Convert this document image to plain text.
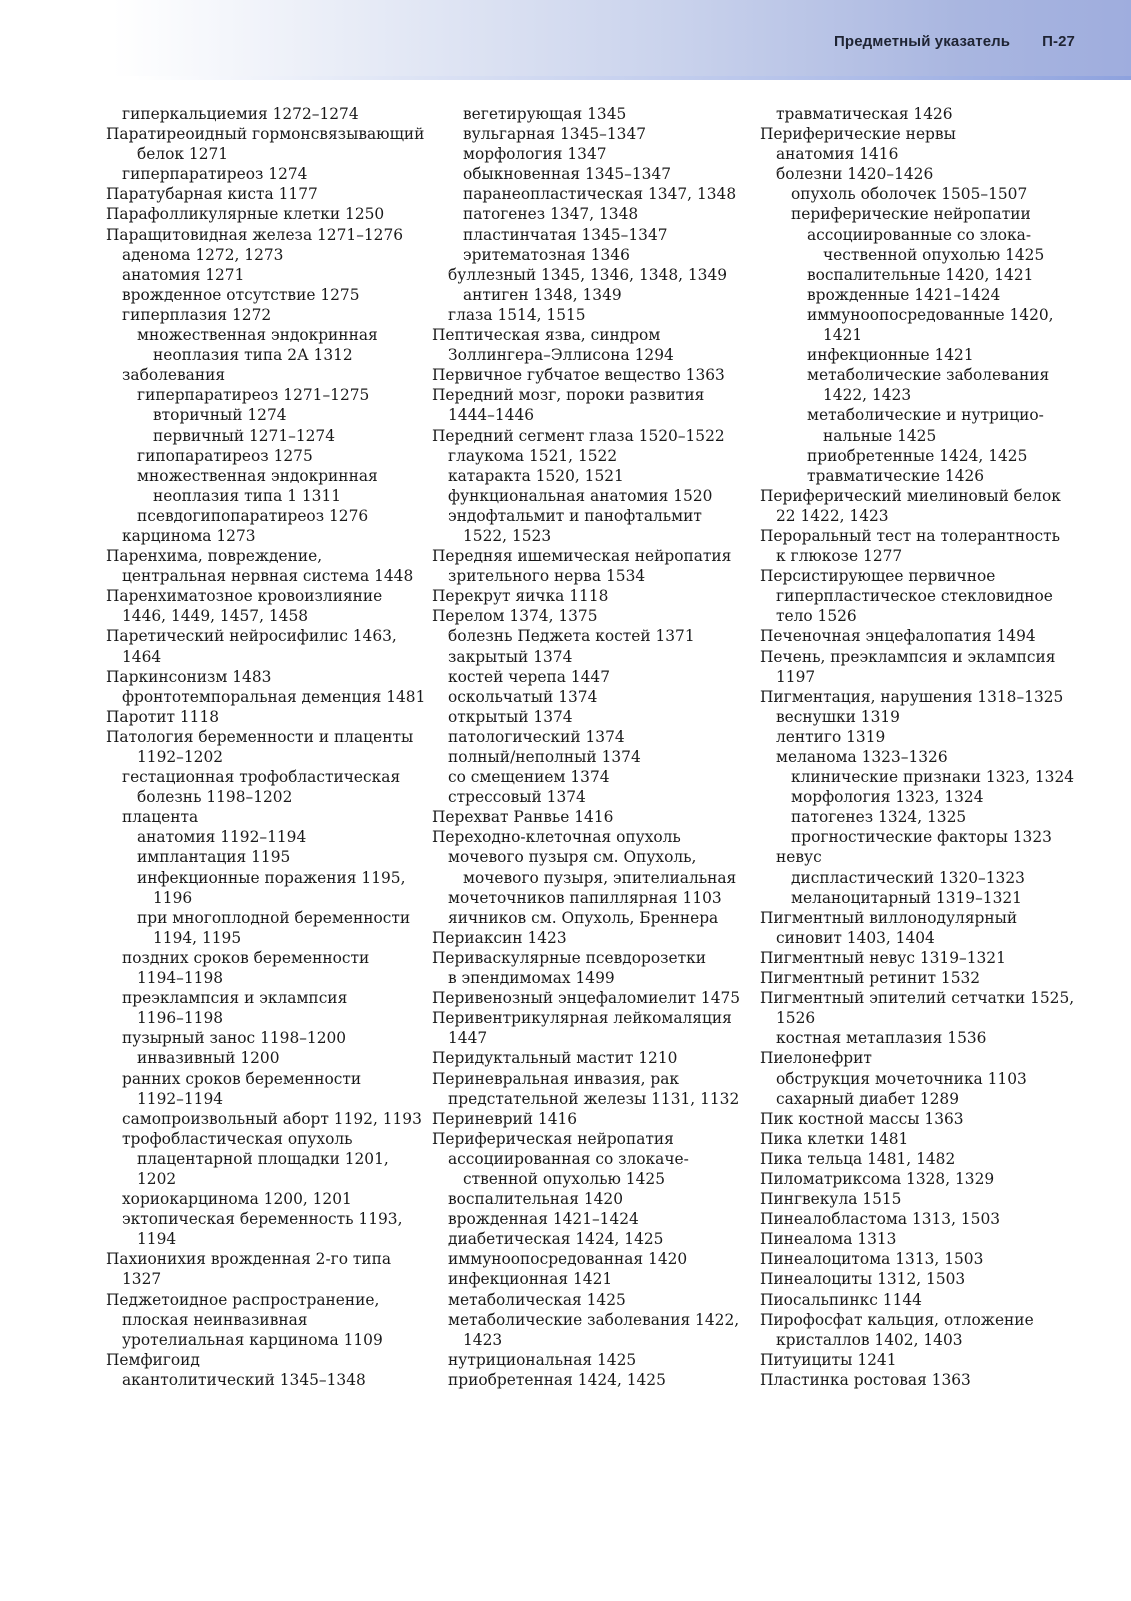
Предметный указатель П-27
гиперкальциемия 1272–1274
Паратиреоидный гормонсвязывающий
белок 1271
гиперпаратиреоз 1274
Паратубарная киста 1177
Парафолликулярные клетки 1250
Паращитовидная железа 1271–1276
аденома 1272, 1273
анатомия 1271
врожденное отсутствие 1275
гиперплазия 1272
множественная эндокринная
неоплазия типа 2А 1312
заболевания
гиперпаратиреоз 1271–1275
вторичный 1274
первичный 1271–1274
гипопаратиреоз 1275
множественная эндокринная
неоплазия типа 1 1311
псевдогипопаратиреоз 1276
карцинома 1273
Паренхима, повреждение,
центральная нервная система 1448
Паренхиматозное кровоизлияние
1446, 1449, 1457, 1458
Паретический нейросифилис 1463,
1464
Паркинсонизм 1483
фронтотемпоральная деменция 1481
Паротит 1118
Патология беременности и плаценты
1192–1202
гестационная трофобластическая
болезнь 1198–1202
плацента
анатомия 1192–1194
имплантация 1195
инфекционные поражения 1195,
1196
при многоплодной беременности
1194, 1195
поздних сроков беременности
1194–1198
преэклампсия и эклампсия
1196–1198
пузырный занос 1198–1200
инвазивный 1200
ранних сроков беременности
1192–1194
самопроизвольный аборт 1192, 1193
трофобластическая опухоль
плацентарной площадки 1201,
1202
хориокарцинома 1200, 1201
эктопическая беременность 1193,
1194
Пахионихия врожденная 2-го типа
1327
Педжетоидное распространение,
плоская неинвазивная
уротелиальная карцинома 1109
Пемфигоид
акантолитический 1345–1348
вегетирующая 1345
вульгарная 1345–1347
морфология 1347
обыкновенная 1345–1347
паранеопластическая 1347, 1348
патогенез 1347, 1348
пластинчатая 1345–1347
эритематозная 1346
буллезный 1345, 1346, 1348, 1349
антиген 1348, 1349
глаза 1514, 1515
Пептическая язва, синдром
Золлингера–Эллисона 1294
Первичное губчатое вещество 1363
Передний мозг, пороки развития
1444–1446
Передний сегмент глаза 1520–1522
глаукома 1521, 1522
катаракта 1520, 1521
функциональная анатомия 1520
эндофтальмит и панофтальмит
1522, 1523
Передняя ишемическая нейропатия
зрительного нерва 1534
Перекрут яичка 1118
Перелом 1374, 1375
болезнь Педжета костей 1371
закрытый 1374
костей черепа 1447
оскольчатый 1374
открытый 1374
патологический 1374
полный/неполный 1374
со смещением 1374
стрессовый 1374
Перехват Ранвье 1416
Переходно-клеточная опухоль
мочевого пузыря см. Опухоль,
мочевого пузыря, эпителиальная
мочеточников папиллярная 1103
яичников см. Опухоль, Бреннера
Периаксин 1423
Периваскулярные псевдорозетки
в эпендимомах 1499
Перивенозный энцефаломиелит 1475
Перивентрикулярная лейкомаляция
1447
Перидуктальный мастит 1210
Периневральная инвазия, рак
предстательной железы 1131, 1132
Периневрий 1416
Периферическая нейропатия
ассоциированная со злокаче-
ственной опухолью 1425
воспалительная 1420
врожденная 1421–1424
диабетическая 1424, 1425
иммуноопосредованная 1420
инфекционная 1421
метаболическая 1425
метаболические заболевания 1422,
1423
нутрициональная 1425
приобретенная 1424, 1425
травматическая 1426
Периферические нервы
анатомия 1416
болезни 1420–1426
опухоль оболочек 1505–1507
периферические нейропатии
ассоциированные со злока-
чественной опухолью 1425
воспалительные 1420, 1421
врожденные 1421–1424
иммуноопосредованные 1420,
1421
инфекционные 1421
метаболические заболевания
1422, 1423
метаболические и нутрицио-
нальные 1425
приобретенные 1424, 1425
травматические 1426
Периферический миелиновый белок
22 1422, 1423
Пероральный тест на толерантность
к глюкозе 1277
Персистирующее первичное
гиперпластическое стекловидное
тело 1526
Печеночная энцефалопатия 1494
Печень, преэклампсия и эклампсия
1197
Пигментация, нарушения 1318–1325
веснушки 1319
лентиго 1319
меланома 1323–1326
клинические признаки 1323, 1324
морфология 1323, 1324
патогенез 1324, 1325
прогностические факторы 1323
невус
диспластический 1320–1323
меланоцитарный 1319–1321
Пигментный виллонодулярный
синовит 1403, 1404
Пигментный невус 1319–1321
Пигментный ретинит 1532
Пигментный эпителий сетчатки 1525,
1526
костная метаплазия 1536
Пиелонефрит
обструкция мочеточника 1103
сахарный диабет 1289
Пик костной массы 1363
Пика клетки 1481
Пика тельца 1481, 1482
Пиломатриксома 1328, 1329
Пингвекула 1515
Пинеалобластома 1313, 1503
Пинеалома 1313
Пинеалоцитома 1313, 1503
Пинеалоциты 1312, 1503
Пиосальпинкс 1144
Пирофосфат кальция, отложение
кристаллов 1402, 1403
Питуициты 1241
Пластинка ростовая 1363
